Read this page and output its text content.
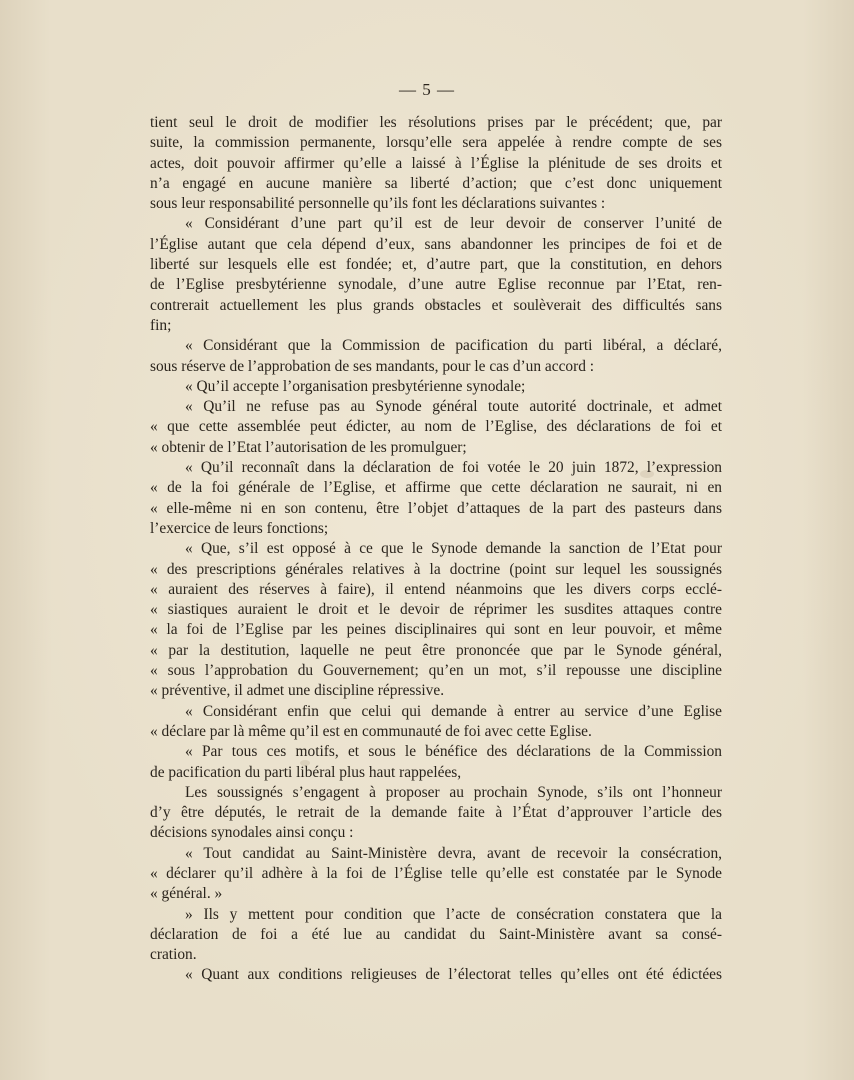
— 5 —
tient seul le droit de modifier les résolutions prises par le précédent; que, par
suite, la commission permanente, lorsqu’elle sera appelée à rendre compte de ses
actes, doit pouvoir affirmer qu’elle a laissé à l’Église la plénitude de ses droits et
n’a engagé en aucune manière sa liberté d’action; que c’est donc uniquement
sous leur responsabilité personnelle qu’ils font les déclarations suivantes :
« Considérant d’une part qu’il est de leur devoir de conserver l’unité de
l’Église autant que cela dépend d’eux, sans abandonner les principes de foi et de
liberté sur lesquels elle est fondée; et, d’autre part, que la constitution, en dehors
de l’Eglise presbytérienne synodale, d’une autre Eglise reconnue par l’Etat, ren-
contrerait actuellement les plus grands obstacles et soulèverait des difficultés sans
fin;
« Considérant que la Commission de pacification du parti libéral, a déclaré,
sous réserve de l’approbation de ses mandants, pour le cas d’un accord :
« Qu’il accepte l’organisation presbytérienne synodale;
« Qu’il ne refuse pas au Synode général toute autorité doctrinale, et admet
« que cette assemblée peut édicter, au nom de l’Eglise, des déclarations de foi et
« obtenir de l’Etat l’autorisation de les promulguer;
« Qu’il reconnaît dans la déclaration de foi votée le 20 juin 1872, l’expression
« de la foi générale de l’Eglise, et affirme que cette déclaration ne saurait, ni en
« elle-même ni en son contenu, être l’objet d’attaques de la part des pasteurs dans
l’exercice de leurs fonctions;
« Que, s’il est opposé à ce que le Synode demande la sanction de l’Etat pour
« des prescriptions générales relatives à la doctrine (point sur lequel les soussignés
« auraient des réserves à faire), il entend néanmoins que les divers corps ecclé-
« siastiques auraient le droit et le devoir de réprimer les susdites attaques contre
« la foi de l’Eglise par les peines disciplinaires qui sont en leur pouvoir, et même
« par la destitution, laquelle ne peut être prononcée que par le Synode général,
« sous l’approbation du Gouvernement; qu’en un mot, s’il repousse une discipline
« préventive, il admet une discipline répressive.
« Considérant enfin que celui qui demande à entrer au service d’une Eglise
« déclare par là même qu’il est en communauté de foi avec cette Eglise.
« Par tous ces motifs, et sous le bénéfice des déclarations de la Commission
de pacification du parti libéral plus haut rappelées,
Les soussignés s’engagent à proposer au prochain Synode, s’ils ont l’honneur
d’y être députés, le retrait de la demande faite à l’État d’approuver l’article des
décisions synodales ainsi conçu :
« Tout candidat au Saint-Ministère devra, avant de recevoir la consécration,
« déclarer qu’il adhère à la foi de l’Église telle qu’elle est constatée par le Synode
« général. »
» Ils y mettent pour condition que l’acte de consécration constatera que la
déclaration de foi a été lue au candidat du Saint-Ministère avant sa consé-
cration.
« Quant aux conditions religieuses de l’électorat telles qu’elles ont été édictées
